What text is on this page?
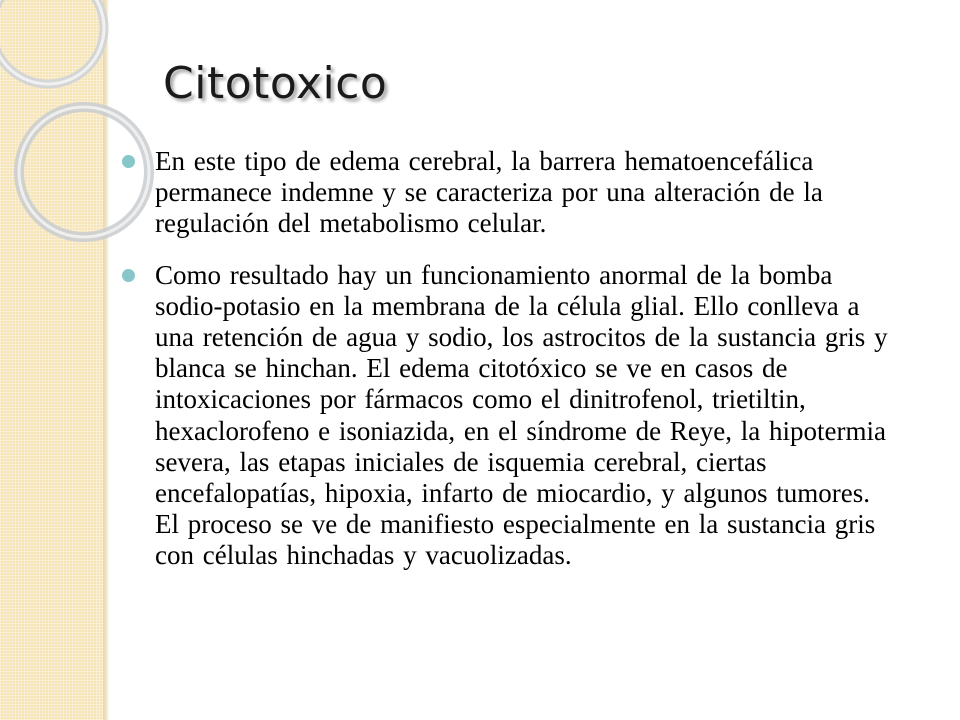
Citotoxico
En este tipo de edema cerebral, la barrera hematoencefálica permanece indemne y se caracteriza por una alteración de la regulación del metabolismo celular.
Como resultado hay un funcionamiento anormal de la bomba sodio-potasio en la membrana de la célula glial. Ello conlleva a una retención de agua y sodio, los astrocitos de la sustancia gris y blanca se hinchan. El edema citotóxico se ve en casos de intoxicaciones por fármacos como el dinitrofenol, trietiltin, hexaclorofeno e isoniazida, en el síndrome de Reye, la hipotermia severa, las etapas iniciales de isquemia cerebral, ciertas encefalopatías, hipoxia, infarto de miocardio, y algunos tumores. El proceso se ve de manifiesto especialmente en la sustancia gris con células hinchadas y vacuolizadas.
